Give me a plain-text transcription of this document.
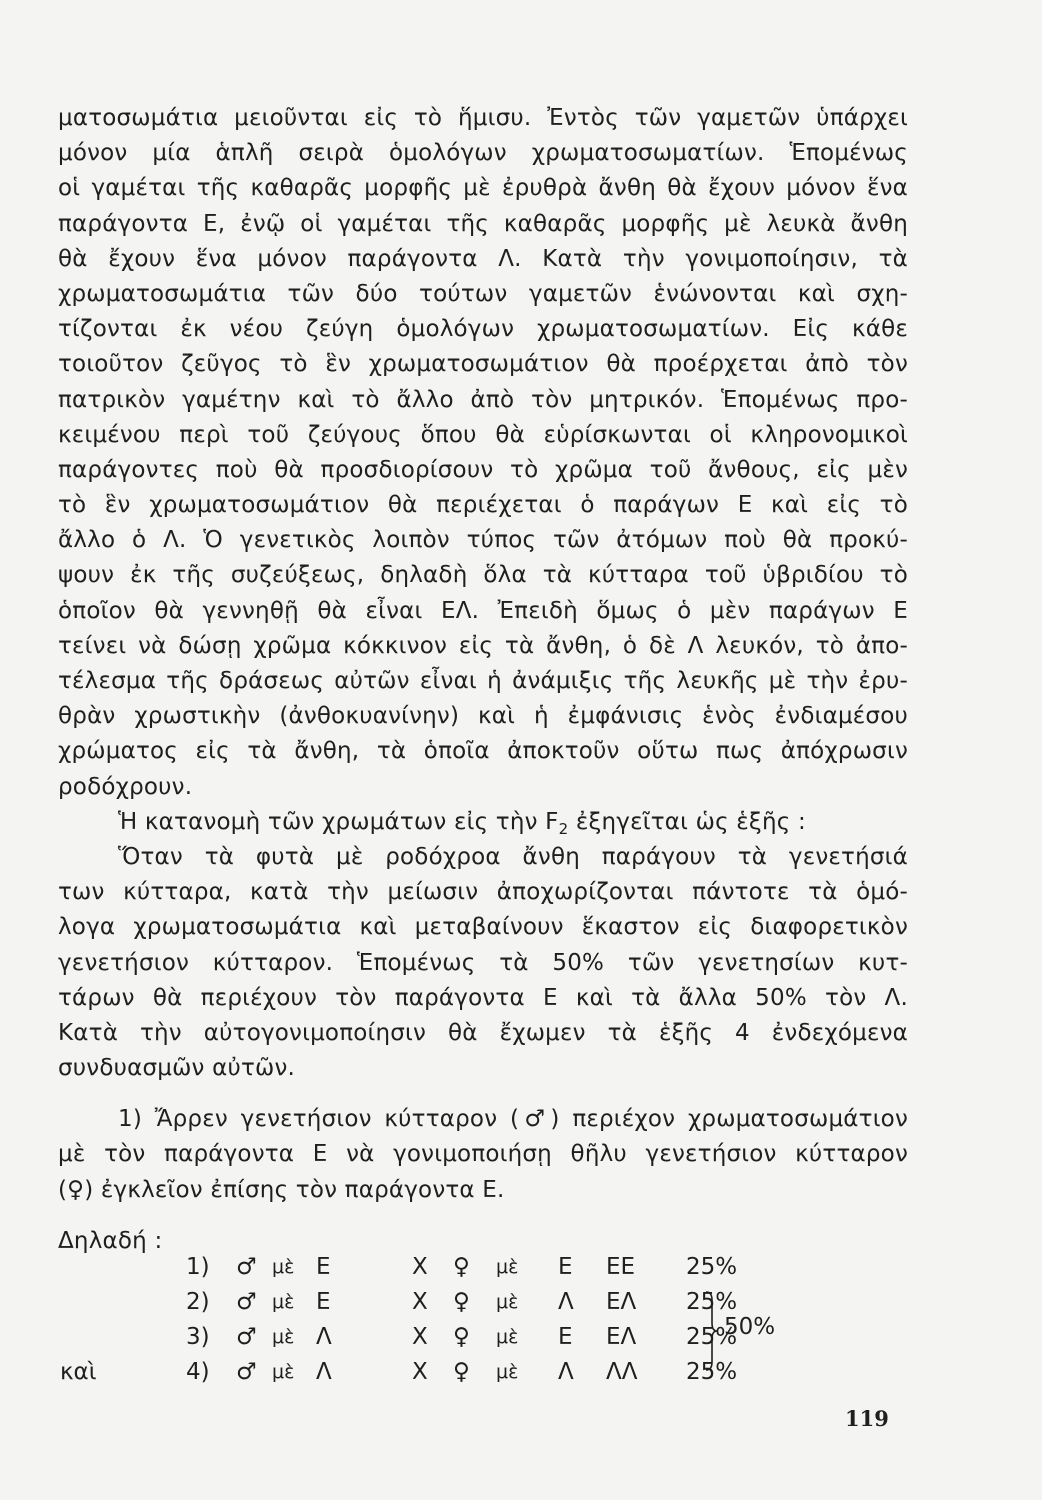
ματοσωμάτια μειοῦνται εἰς τὸ ἥμισυ. Ἐντὸς τῶν γαμετῶν ὑπάρχει
μόνον μία ἁπλῆ σειρὰ ὁμολόγων χρωματοσωματίων. Ἑπομένως
οἱ γαμέται τῆς καθαρᾶς μορφῆς μὲ ἐρυθρὰ ἄνθη θὰ ἔχουν μόνον ἕνα
παράγοντα Ε, ἐνῷ οἱ γαμέται τῆς καθαρᾶς μορφῆς μὲ λευκὰ ἄνθη
θὰ ἔχουν ἕνα μόνον παράγοντα Λ. Κατὰ τὴν γονιμοποίησιν, τὰ
χρωματοσωμάτια τῶν δύο τούτων γαμετῶν ἑνώνονται καὶ σχη-
τίζονται ἐκ νέου ζεύγη ὁμολόγων χρωματοσωματίων. Εἰς κάθε
τοιοῦτον ζεῦγος τὸ ἓν χρωματοσωμάτιον θὰ προέρχεται ἀπὸ τὸν
πατρικὸν γαμέτην καὶ τὸ ἄλλο ἀπὸ τὸν μητρικόν. Ἑπομένως προ-
κειμένου περὶ τοῦ ζεύγους ὅπου θὰ εὑρίσκωνται οἱ κληρονομικοὶ
παράγοντες ποὺ θὰ προσδιορίσουν τὸ χρῶμα τοῦ ἄνθους, εἰς μὲν
τὸ ἓν χρωματοσωμάτιον θὰ περιέχεται ὁ παράγων Ε καὶ εἰς τὸ
ἄλλο ὁ Λ. Ὁ γενετικὸς λοιπὸν τύπος τῶν ἀτόμων ποὺ θὰ προκύ-
ψουν ἐκ τῆς συζεύξεως, δηλαδὴ ὅλα τὰ κύτταρα τοῦ ὑβριδίου τὸ
ὁποῖον θὰ γεννηθῇ θὰ εἶναι ΕΛ. Ἐπειδὴ ὅμως ὁ μὲν παράγων Ε
τείνει νὰ δώσῃ χρῶμα κόκκινον εἰς τὰ ἄνθη, ὁ δὲ Λ λευκόν, τὸ ἀπο-
τέλεσμα τῆς δράσεως αὐτῶν εἶναι ἡ ἀνάμιξις τῆς λευκῆς μὲ τὴν ἐρυ-
θρὰν χρωστικὴν (ἀνθοκυανίνην) καὶ ἡ ἐμφάνισις ἑνὸς ἐνδιαμέσου
χρώματος εἰς τὰ ἄνθη, τὰ ὁποῖα ἀποκτοῦν οὕτω πως ἀπόχρωσιν
ροδόχρουν.
Ἡ κατανομὴ τῶν χρωμάτων εἰς τὴν $F_2$ ἐξηγεῖται ὡς ἑξῆς :
Ὅταν τὰ φυτὰ μὲ ροδόχροα ἄνθη παράγουν τὰ γενετήσιά
των κύτταρα, κατὰ τὴν μείωσιν ἀποχωρίζονται πάντοτε τὰ ὁμό-
λογα χρωματοσωμάτια καὶ μεταβαίνουν ἕκαστον εἰς διαφορετικὸν
γενετήσιον κύτταρον. Ἑπομένως τὰ 50% τῶν γενετησίων κυτ-
τάρων θὰ περιέχουν τὸν παράγοντα Ε καὶ τὰ ἄλλα 50% τὸν Λ.
Κατὰ τὴν αὐτογονιμοποίησιν θὰ ἔχωμεν τὰ ἑξῆς 4 ἐνδεχόμενα
συνδυασμῶν αὐτῶν.
1) Ἄρρεν γενετήσιον κύτταρον (♂) περιέχον χρωματοσωμάτιον
μὲ τὸν παράγοντα Ε νὰ γονιμοποιήσῃ θῆλυ γενετήσιον κύτταρον
(♀) ἐγκλεῖον ἐπίσης τὸν παράγοντα Ε.
Δηλαδή :
1) ♂ μὲ Ε	Χ ♀ μὲ Ε ΕΕ 25%
2) ♂ μὲ Ε	Χ ♀ μὲ Λ ΕΛ 25%
3) ♂ μὲ Λ	Χ ♀ μὲ Ε ΕΛ 25%
καὶ	4) ♂ μὲ Λ	Χ ♀ μὲ Λ ΛΛ 25%
50%
119
